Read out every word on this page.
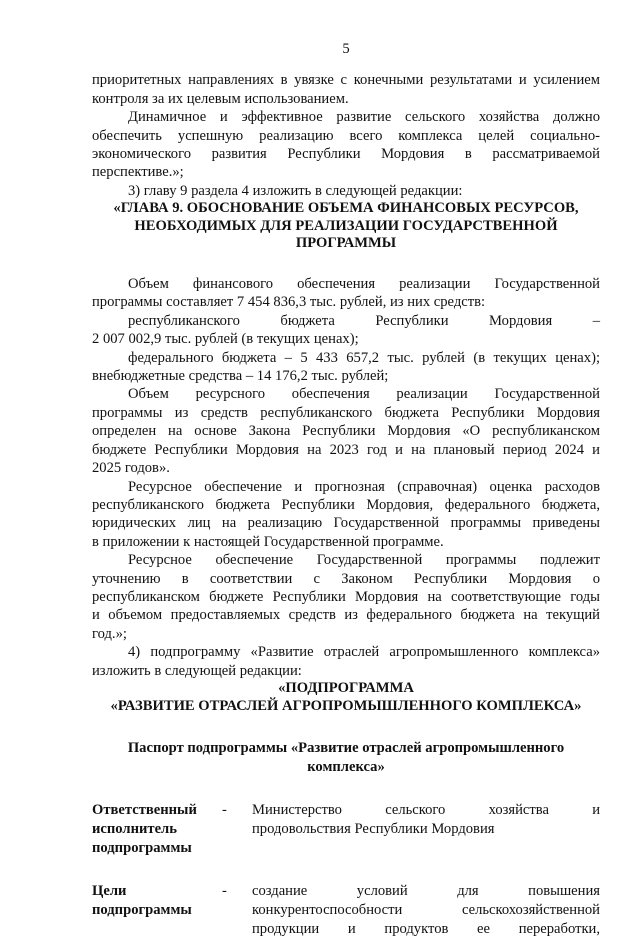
5

приоритетных направлениях в увязке с конечными результатами и усилением

контроля за их целевым использованием.

Динамичное и эффективное развитие сельского хозяйства должно

обеспечить успешную реализацию всего комплекса целей социально-

экономического развития Республики Мордовия в рассматриваемой

перспективе.»;

3) главу 9 раздела 4 изложить в следующей редакции:

«ГЛАВА 9. ОБОСНОВАНИЕ ОБЪЕМА ФИНАНСОВЫХ РЕСУРСОВ,

НЕОБХОДИМЫХ ДЛЯ РЕАЛИЗАЦИИ ГОСУДАРСТВЕННОЙ ПРОГРАММЫ

Объем финансового обеспечения реализации Государственной

программы составляет 7 454 836,3 тыс. рублей, из них средств:

республиканского бюджета Республики Мордовия –

2 007 002,9 тыс. рублей (в текущих ценах);

федерального бюджета – 5 433 657,2 тыс. рублей (в текущих ценах);

внебюджетные средства – 14 176,2 тыс. рублей;

Объем ресурсного обеспечения реализации Государственной

программы из средств республиканского бюджета Республики Мордовия

определен на основе Закона Республики Мордовия «О республиканском

бюджете Республики Мордовия на 2023 год и на плановый период 2024 и

2025 годов».

Ресурсное обеспечение и прогнозная (справочная) оценка расходов

республиканского бюджета Республики Мордовия, федерального бюджета,

юридических лиц на реализацию Государственной программы приведены

в приложении к настоящей Государственной программе.

Ресурсное обеспечение Государственной программы подлежит

уточнению в соответствии с Законом Республики Мордовия о

республиканском бюджете Республики Мордовия на соответствующие годы

и объемом предоставляемых средств из федерального бюджета на текущий

год.»;

4) подпрограмму «Развитие отраслей агропромышленного комплекса»

изложить в следующей редакции:

«ПОДПРОГРАММА

«РАЗВИТИЕ ОТРАСЛЕЙ АГРОПРОМЫШЛЕННОГО КОМПЛЕКСА»

Паспорт подпрограммы «Развитие отраслей агропромышленного

комплекса»

Ответственный
исполнитель
подпрограммы
-	Министерство сельского хозяйства и
продовольствия Республики Мордовия
Цели
подпрограммы
-	создание условий для повышения
конкурентоспособности сельскохозяйственной
продукции и продуктов ее переработки,
